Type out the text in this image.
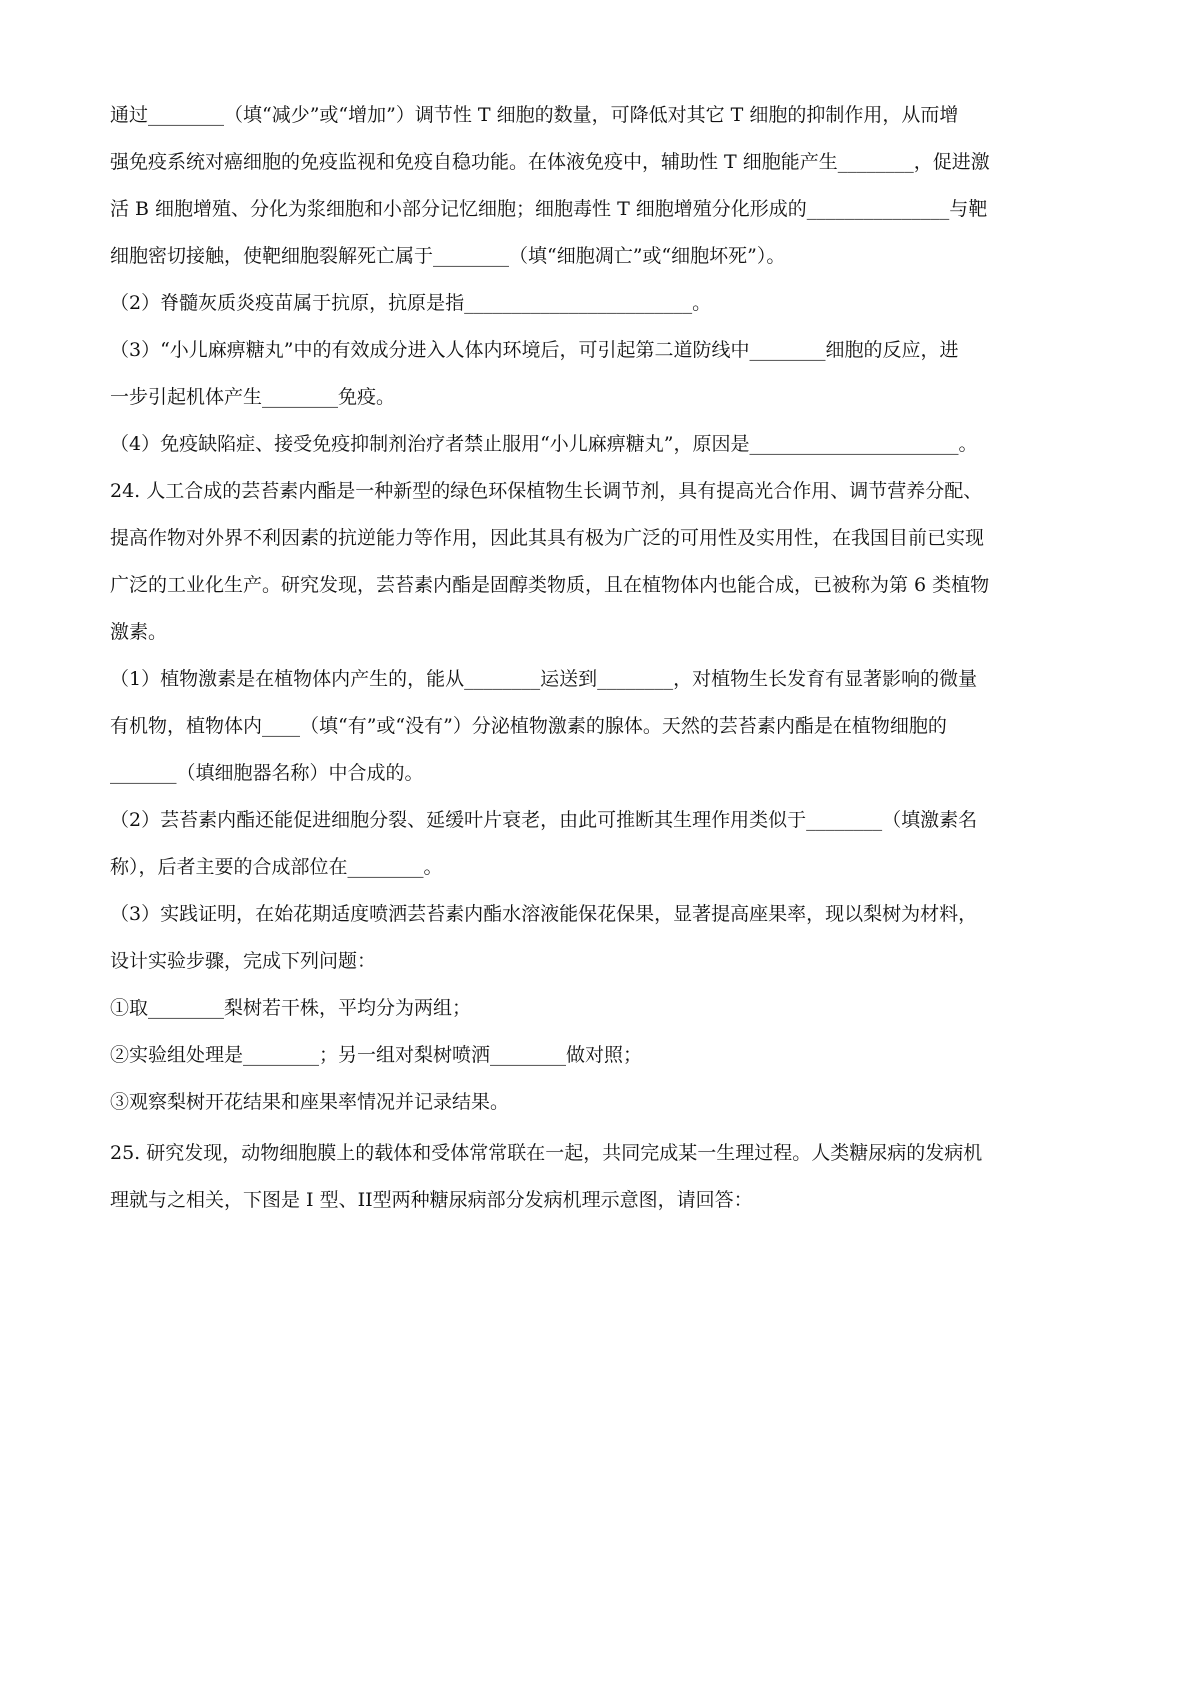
通过________（填“减少”或“增加”）调节性 T 细胞的数量，可降低对其它 T 细胞的抑制作用，从而增
强免疫系统对癌细胞的免疫监视和免疫自稳功能。在体液免疫中，辅助性 T 细胞能产生________，促进激
活 B 细胞增殖、分化为浆细胞和小部分记忆细胞；细胞毒性 T 细胞增殖分化形成的_______________与靶
细胞密切接触，使靶细胞裂解死亡属于________（填“细胞凋亡”或“细胞坏死”）。
（2）脊髓灰质炎疫苗属于抗原，抗原是指________________________。
（3）“小儿麻痹糖丸”中的有效成分进入人体内环境后，可引起第二道防线中________细胞的反应，进
一步引起机体产生________免疫。
（4）免疫缺陷症、接受免疫抑制剂治疗者禁止服用“小儿麻痹糖丸”，原因是______________________。
24. 人工合成的芸苔素内酯是一种新型的绿色环保植物生长调节剂，具有提高光合作用、调节营养分配、
提高作物对外界不利因素的抗逆能力等作用，因此其具有极为广泛的可用性及实用性，在我国目前已实现
广泛的工业化生产。研究发现，芸苔素内酯是固醇类物质，且在植物体内也能合成，已被称为第 6 类植物
激素。
（1）植物激素是在植物体内产生的，能从________运送到________，对植物生长发育有显著影响的微量
有机物，植物体内____（填“有”或“没有”）分泌植物激素的腺体。天然的芸苔素内酯是在植物细胞的
_______（填细胞器名称）中合成的。
（2）芸苔素内酯还能促进细胞分裂、延缓叶片衰老，由此可推断其生理作用类似于________（填激素名
称），后者主要的合成部位在________。
（3）实践证明，在始花期适度喷洒芸苔素内酯水溶液能保花保果，显著提高座果率，现以梨树为材料，
设计实验步骤，完成下列问题：
①取________梨树若干株，平均分为两组；
②实验组处理是________；另一组对梨树喷洒________做对照；
③观察梨树开花结果和座果率情况并记录结果。
25. 研究发现，动物细胞膜上的载体和受体常常联在一起，共同完成某一生理过程。人类糖尿病的发病机
理就与之相关，下图是 I 型、II型两种糖尿病部分发病机理示意图，请回答：
